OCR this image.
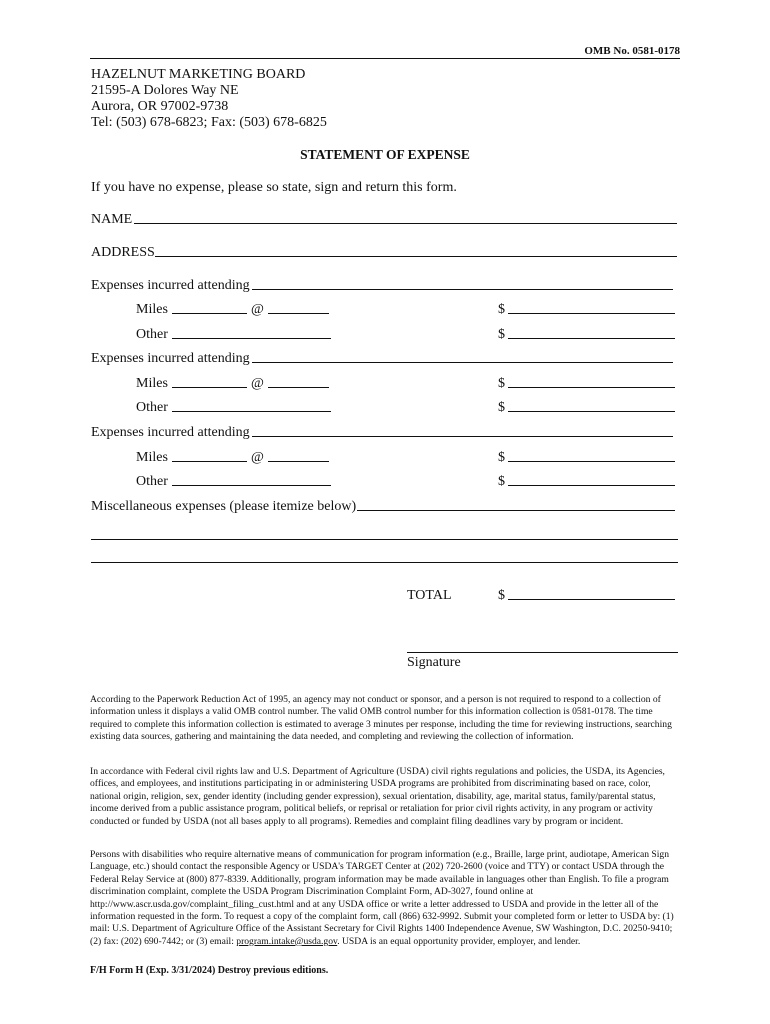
OMB No. 0581-0178
HAZELNUT MARKETING BOARD
21595-A Dolores Way NE
Aurora, OR 97002-9738
Tel: (503) 678-6823; Fax: (503) 678-6825
STATEMENT OF EXPENSE
If you have no expense, please so state, sign and return this form.
NAME
ADDRESS
Expenses incurred attending
Miles	@	$
Other	$
Expenses incurred attending
Miles	@	$
Other	$
Expenses incurred attending
Miles	@	$
Other	$
Miscellaneous expenses (please itemize below)
TOTAL	$
Signature
According to the Paperwork Reduction Act of 1995, an agency may not conduct or sponsor, and a person is not required to respond to a collection of information unless it displays a valid OMB control number. The valid OMB control number for this information collection is 0581-0178. The time required to complete this information collection is estimated to average 3 minutes per response, including the time for reviewing instructions, searching existing data sources, gathering and maintaining the data needed, and completing and reviewing the collection of information.
In accordance with Federal civil rights law and U.S. Department of Agriculture (USDA) civil rights regulations and policies, the USDA, its Agencies, offices, and employees, and institutions participating in or administering USDA programs are prohibited from discriminating based on race, color, national origin, religion, sex, gender identity (including gender expression), sexual orientation, disability, age, marital status, family/parental status, income derived from a public assistance program, political beliefs, or reprisal or retaliation for prior civil rights activity, in any program or activity conducted or funded by USDA (not all bases apply to all programs). Remedies and complaint filing deadlines vary by program or incident.
Persons with disabilities who require alternative means of communication for program information (e.g., Braille, large print, audiotape, American Sign Language, etc.) should contact the responsible Agency or USDA's TARGET Center at (202) 720-2600 (voice and TTY) or contact USDA through the Federal Relay Service at (800) 877-8339. Additionally, program information may be made available in languages other than English. To file a program discrimination complaint, complete the USDA Program Discrimination Complaint Form, AD-3027, found online at http://www.ascr.usda.gov/complaint_filing_cust.html and at any USDA office or write a letter addressed to USDA and provide in the letter all of the information requested in the form. To request a copy of the complaint form, call (866) 632-9992. Submit your completed form or letter to USDA by: (1) mail: U.S. Department of Agriculture Office of the Assistant Secretary for Civil Rights 1400 Independence Avenue, SW Washington, D.C. 20250-9410; (2) fax: (202) 690-7442; or (3) email: program.intake@usda.gov. USDA is an equal opportunity provider, employer, and lender.
F/H Form H (Exp. 3/31/2024) Destroy previous editions.
